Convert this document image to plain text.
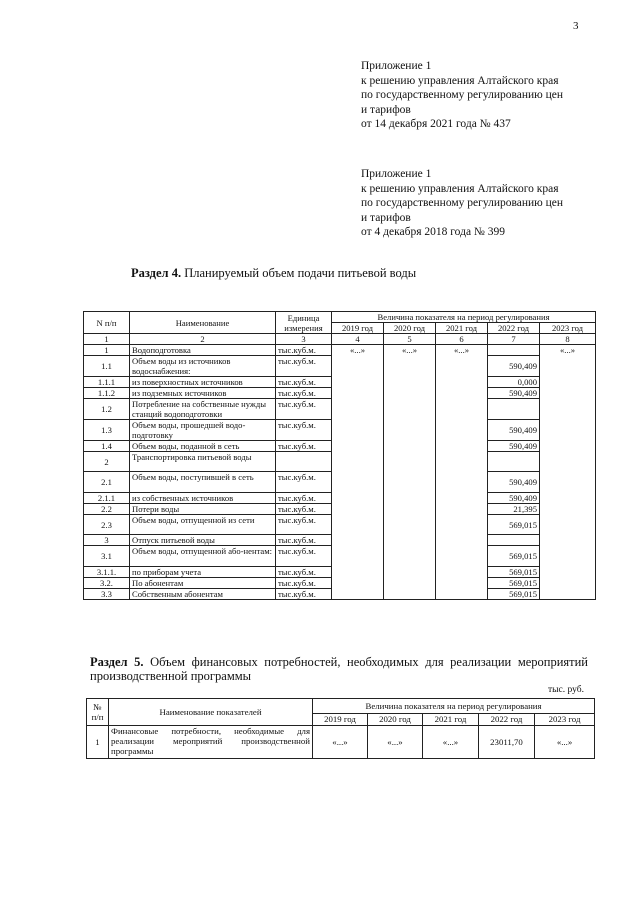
3
Приложение 1
к решению управления Алтайского края
по государственному регулированию цен
и тарифов
от 14 декабря 2021 года № 437
Приложение 1
к решению управления Алтайского края
по государственному регулированию цен
и тарифов
от 4 декабря 2018 года № 399
Раздел 4. Планируемый объем подачи питьевой воды
N п/п	Наименование	Единица измерения	Величина показателя на период регулирования				
			2019 год	2020 год	2021 год	2022 год	2023 год
1	2	3	4	5	6	7	8
1	Водоподготовка	тыс.куб.м.	«...»	«...»	«...»		«...»
1.1	Объем воды из источников водоснабжения:	тыс.куб.м.				590,409	
1.1.1	из поверхностных источников	тыс.куб.м.				0,000	
1.1.2	из подземных источников	тыс.куб.м.				590,409	
1.2	Потребление на собственные нужды станций водоподготовки	тыс.куб.м.					
1.3	Объем воды, прошедшей водо-подготовку	тыс.куб.м.				590,409	
1.4	Объем воды, поданной в сеть	тыс.куб.м.				590,409	
2	Транспортировка питьевой воды						
2.1	Объем воды, поступившей в сеть	тыс.куб.м.				590,409	
2.1.1	из собственных источников	тыс.куб.м.				590,409	
2.2	Потери воды	тыс.куб.м.				21,395	
2.3	Объем воды, отпущенной из сети	тыс.куб.м.				569,015	
3	Отпуск питьевой воды	тыс.куб.м.					
3.1	Объем воды, отпущенной або-нентам:	тыс.куб.м.				569,015	
3.1.1.	по приборам учета	тыс.куб.м.				569,015	
3.2.	По абонентам	тыс.куб.м.				569,015	
3.3	Собственным абонентам	тыс.куб.м.				569,015	
Раздел 5. Объем финансовых потребностей, необходимых для реализации мероприятий производственной программы
тыс. руб.
№ п/п	Наименование показателей	Величина показателя на период регулирования				
		2019 год	2020 год	2021 год	2022 год	2023 год
1	Финансовые потребности, необходимые для реализации мероприятий производственной программы	«...»	«...»	«...»	23011,70	«...»
